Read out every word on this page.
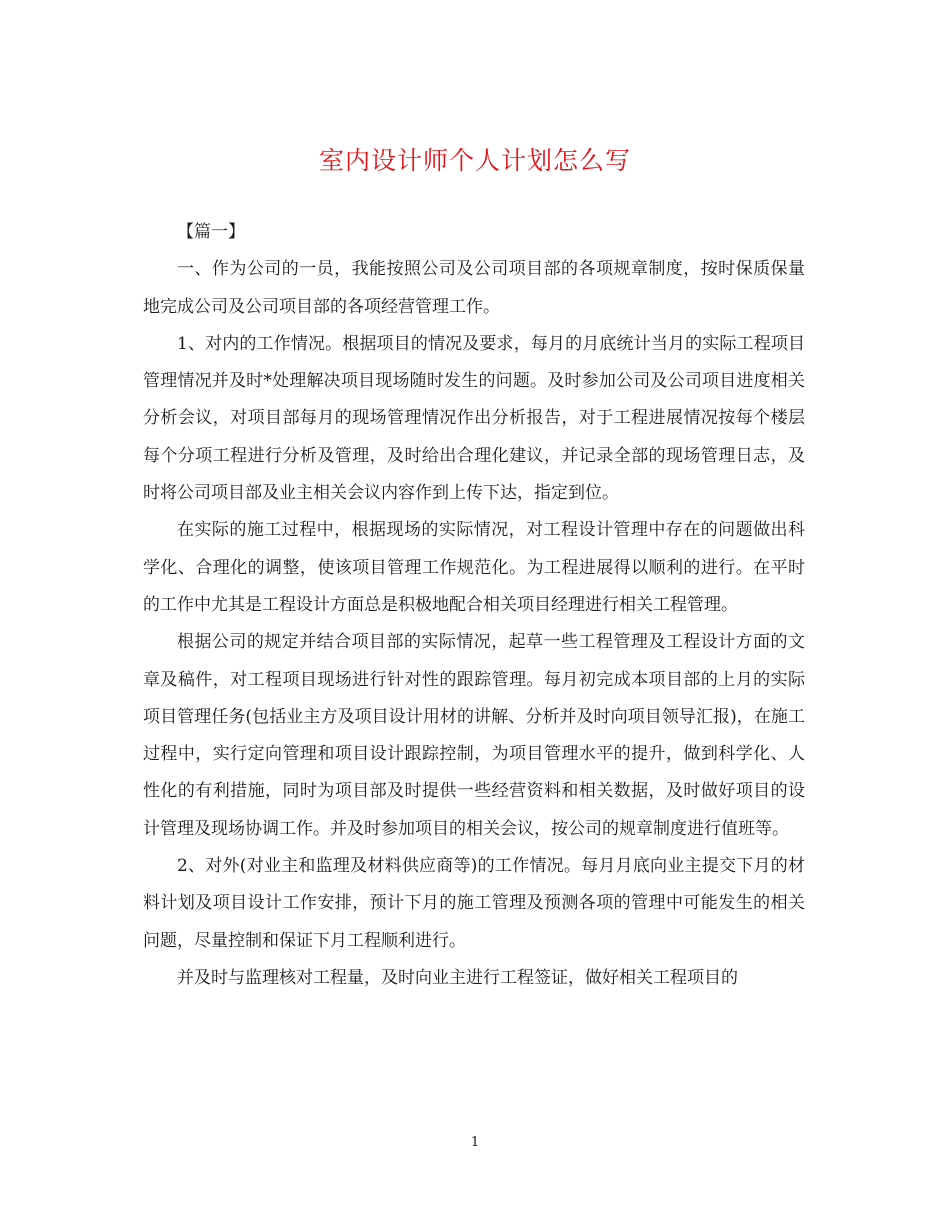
室内设计师个人计划怎么写

【篇一】

一、作为公司的一员，我能按照公司及公司项目部的各项规章制度，按时保质保量地完成公司及公司项目部的各项经营管理工作。

1、对内的工作情况。根据项目的情况及要求，每月的月底统计当月的实际工程项目管理情况并及时*处理解决项目现场随时发生的问题。及时参加公司及公司项目进度相关分析会议，对项目部每月的现场管理情况作出分析报告，对于工程进展情况按每个楼层每个分项工程进行分析及管理，及时给出合理化建议，并记录全部的现场管理日志，及时将公司项目部及业主相关会议内容作到上传下达，指定到位。

在实际的施工过程中，根据现场的实际情况，对工程设计管理中存在的问题做出科学化、合理化的调整，使该项目管理工作规范化。为工程进展得以顺利的进行。在平时的工作中尤其是工程设计方面总是积极地配合相关项目经理进行相关工程管理。

根据公司的规定并结合项目部的实际情况，起草一些工程管理及工程设计方面的文章及稿件，对工程项目现场进行针对性的跟踪管理。每月初完成本项目部的上月的实际项目管理任务(包括业主方及项目设计用材的讲解、分析并及时向项目领导汇报)，在施工过程中，实行定向管理和项目设计跟踪控制，为项目管理水平的提升，做到科学化、人性化的有利措施，同时为项目部及时提供一些经营资料和相关数据，及时做好项目的设计管理及现场协调工作。并及时参加项目的相关会议，按公司的规章制度进行值班等。

2、对外(对业主和监理及材料供应商等)的工作情况。每月月底向业主提交下月的材料计划及项目设计工作安排，预计下月的施工管理及预测各项的管理中可能发生的相关问题，尽量控制和保证下月工程顺利进行。

并及时与监理核对工程量，及时向业主进行工程签证，做好相关工程项目的

1
